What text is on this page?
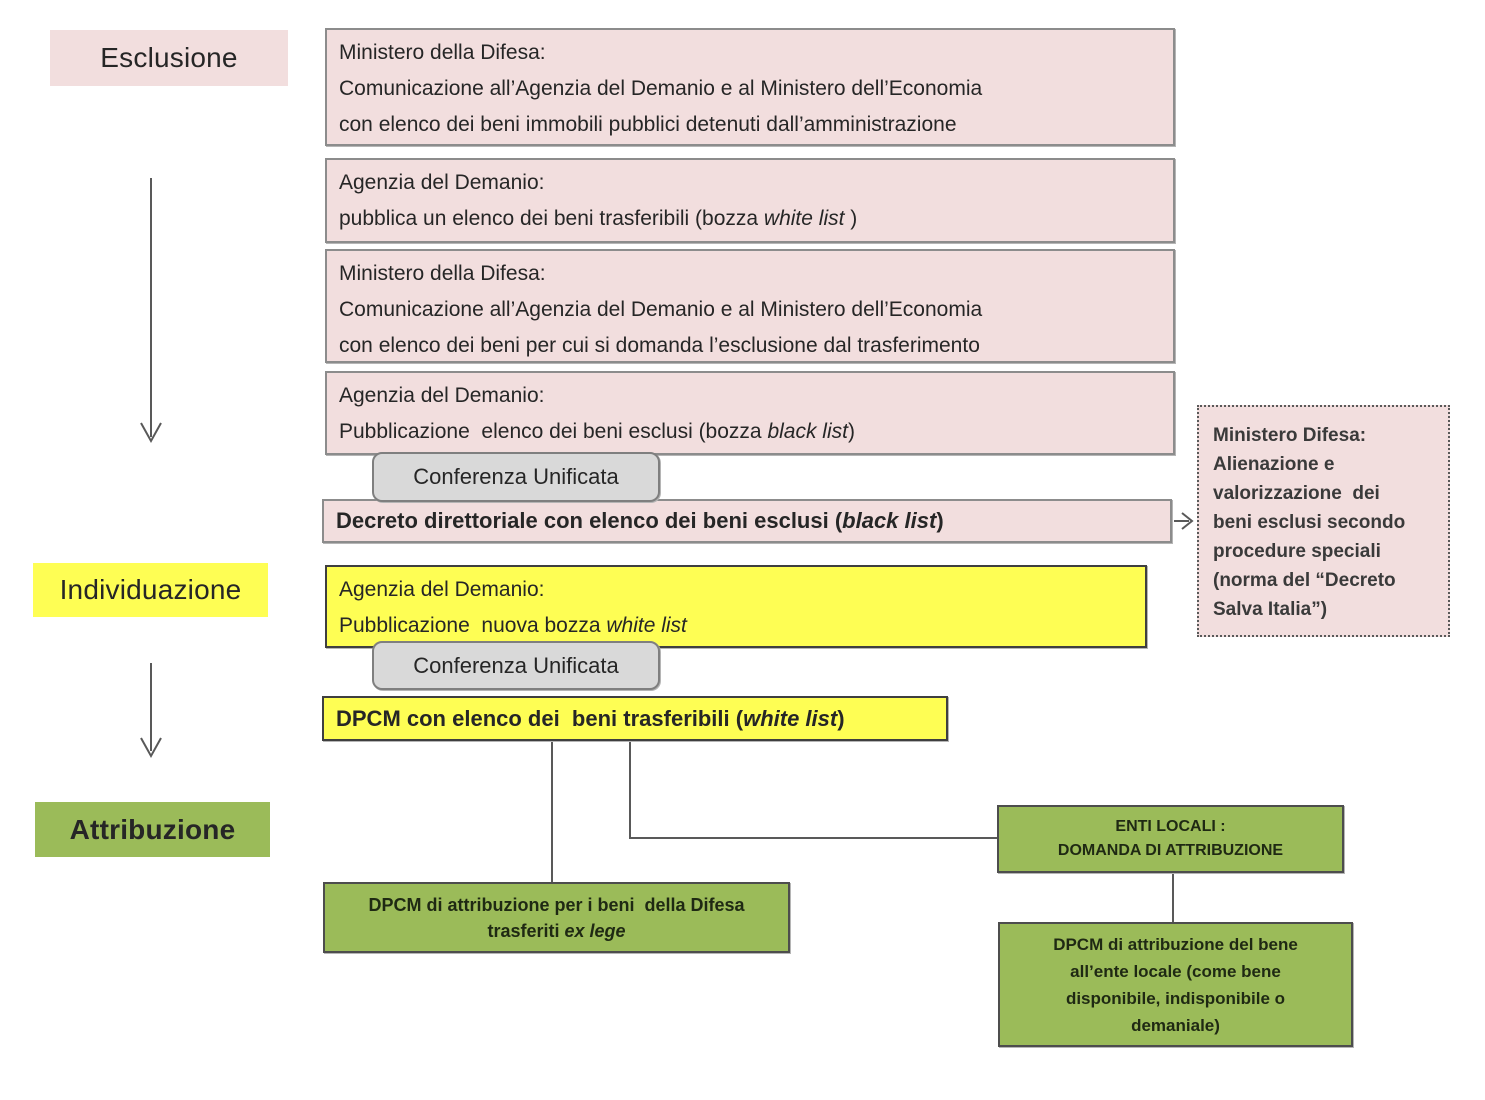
Esclusione
Individuazione
Attribuzione
Ministero della Difesa:
Comunicazione all’Agenzia del Demanio e al Ministero dell’Economia
con elenco dei beni immobili pubblici detenuti dall’amministrazione
Agenzia del Demanio:
pubblica un elenco dei beni trasferibili (bozza white list )
Ministero della Difesa:
Comunicazione all’Agenzia del Demanio e al Ministero dell’Economia
con elenco dei beni per cui si domanda l’esclusione dal trasferimento
Agenzia del Demanio:
Pubblicazione  elenco dei beni esclusi (bozza black list)
Conferenza Unificata
Decreto direttoriale con elenco dei beni esclusi ( black list )
Ministero Difesa:
Alienazione e
valorizzazione  dei
beni esclusi secondo
procedure speciali
(norma del “Decreto
Salva Italia”)
Agenzia del Demanio:
Pubblicazione  nuova bozza white list
Conferenza Unificata
DPCM con elenco dei  beni trasferibili ( white list )
DPCM di attribuzione per i beni  della Difesa
trasferiti ex lege
ENTI LOCALI :
DOMANDA DI ATTRIBUZIONE
DPCM di attribuzione del bene all’ente locale (come bene disponibile, indisponibile o demaniale)
